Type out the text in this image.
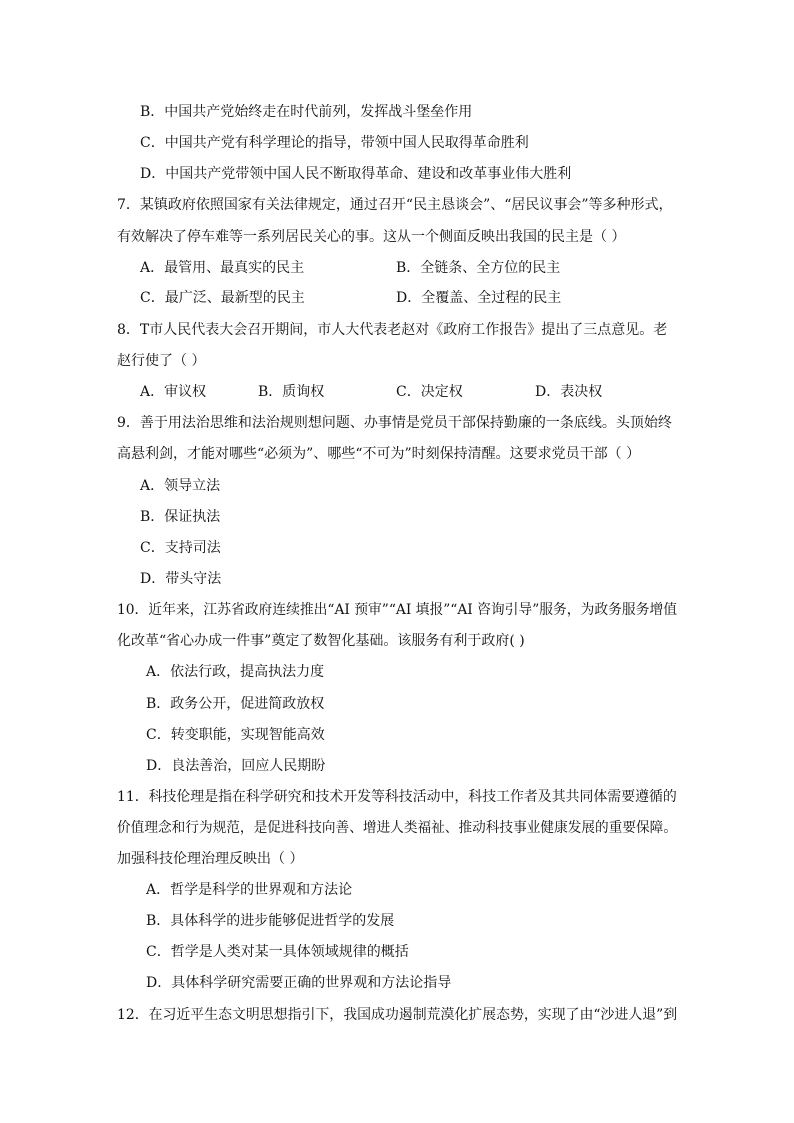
B．中国共产党始终走在时代前列，发挥战斗堡垒作用
C．中国共产党有科学理论的指导，带领中国人民取得革命胜利
D．中国共产党带领中国人民不断取得革命、建设和改革事业伟大胜利
7．某镇政府依照国家有关法律规定，通过召开“民主恳谈会”、“居民议事会”等多种形式，
有效解决了停车难等一系列居民关心的事。这从一个侧面反映出我国的民主是（ ）
A．最管用、最真实的民主	B．全链条、全方位的民主
C．最广泛、最新型的民主	D．全覆盖、全过程的民主
8．T市人民代表大会召开期间，市人大代表老赵对《政府工作报告》提出了三点意见。老
赵行使了（ ）
A．审议权	B．质询权	C．决定权	D．表决权
9．善于用法治思维和法治规则想问题、办事情是党员干部保持勤廉的一条底线。头顶始终
高悬利剑，才能对哪些“必须为”、哪些“不可为”时刻保持清醒。这要求党员干部（ ）
A．领导立法
B．保证执法
C．支持司法
D．带头守法
10．近年来，江苏省政府连续推出“AI 预审”“AI 填报”“AI 咨询引导”服务，为政务服务增值
化改革“省心办成一件事”奠定了数智化基础。该服务有利于政府( )
A．依法行政，提高执法力度
B．政务公开，促进简政放权
C．转变职能，实现智能高效
D．良法善治，回应人民期盼
11．科技伦理是指在科学研究和技术开发等科技活动中，科技工作者及其共同体需要遵循的
价值理念和行为规范，是促进科技向善、增进人类福祉、推动科技事业健康发展的重要保障。
加强科技伦理治理反映出（ ）
A．哲学是科学的世界观和方法论
B．具体科学的进步能够促进哲学的发展
C．哲学是人类对某一具体领域规律的概括
D．具体科学研究需要正确的世界观和方法论指导
12．在习近平生态文明思想指引下，我国成功遏制荒漠化扩展态势，实现了由“沙进人退”到
